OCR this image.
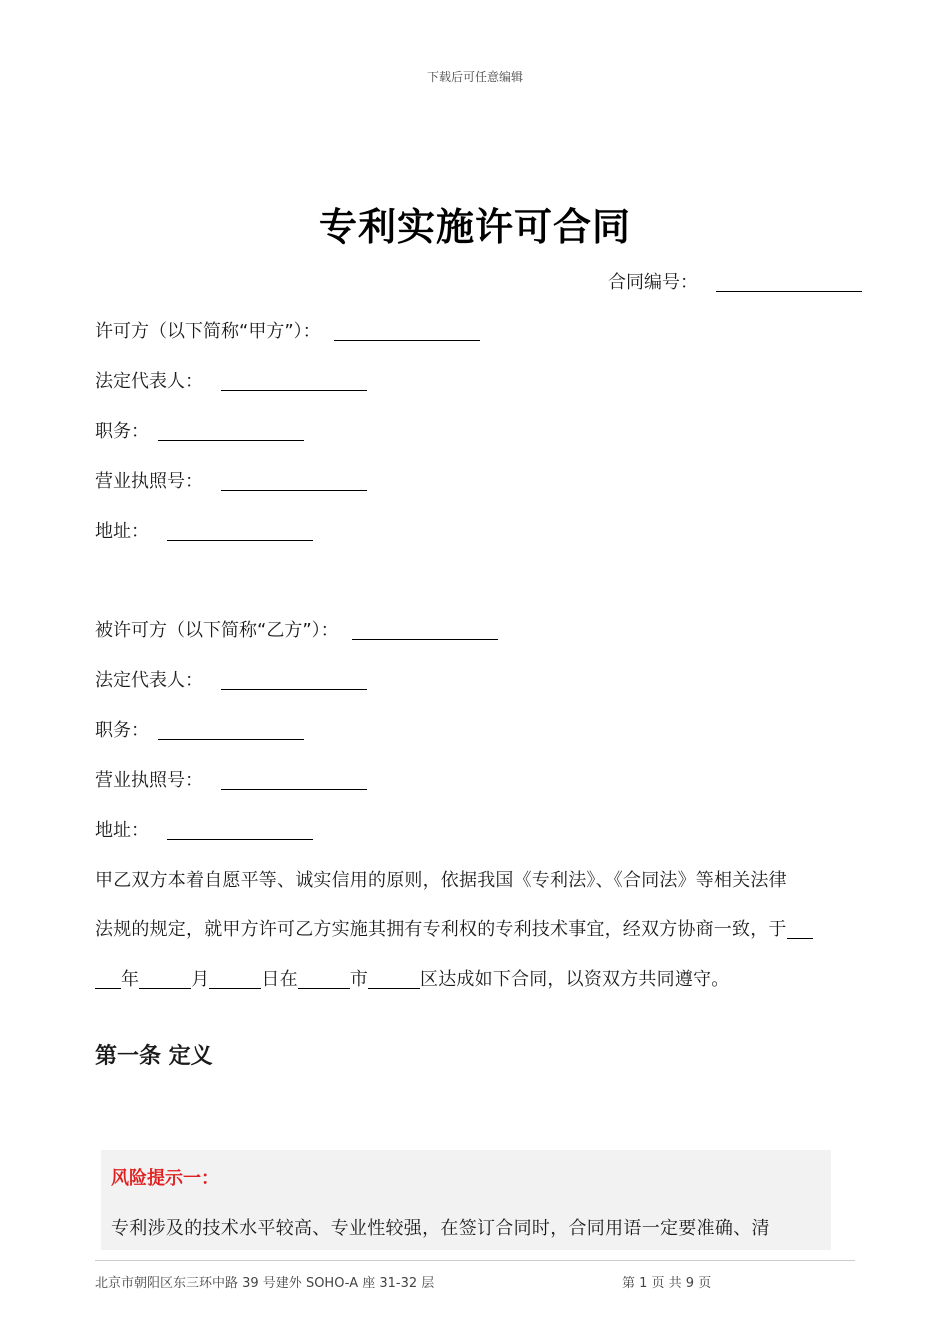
下载后可任意编辑
专利实施许可合同
合同编号：
许可方（以下简称“甲方”）：
法定代表人：
职务：
营业执照号：
地址：
被许可方（以下简称“乙方”）：
法定代表人：
职务：
营业执照号：
地址：
甲乙双方本着自愿平等、诚实信用的原则，依据我国《专利法》、《合同法》等相关法律
法规的规定，就甲方许可乙方实施其拥有专利权的专利技术事宜，经双方协商一致，于
年	月	日在	市	区达成如下合同，以资双方共同遵守。
第一条 定义
风险提示一：
专利涉及的技术水平较高、专业性较强，在签订合同时，合同用语一定要准确、清
北京市朝阳区东三环中路 39 号建外 SOHO-A 座 31-32 层	第 1 页 共 9 页
